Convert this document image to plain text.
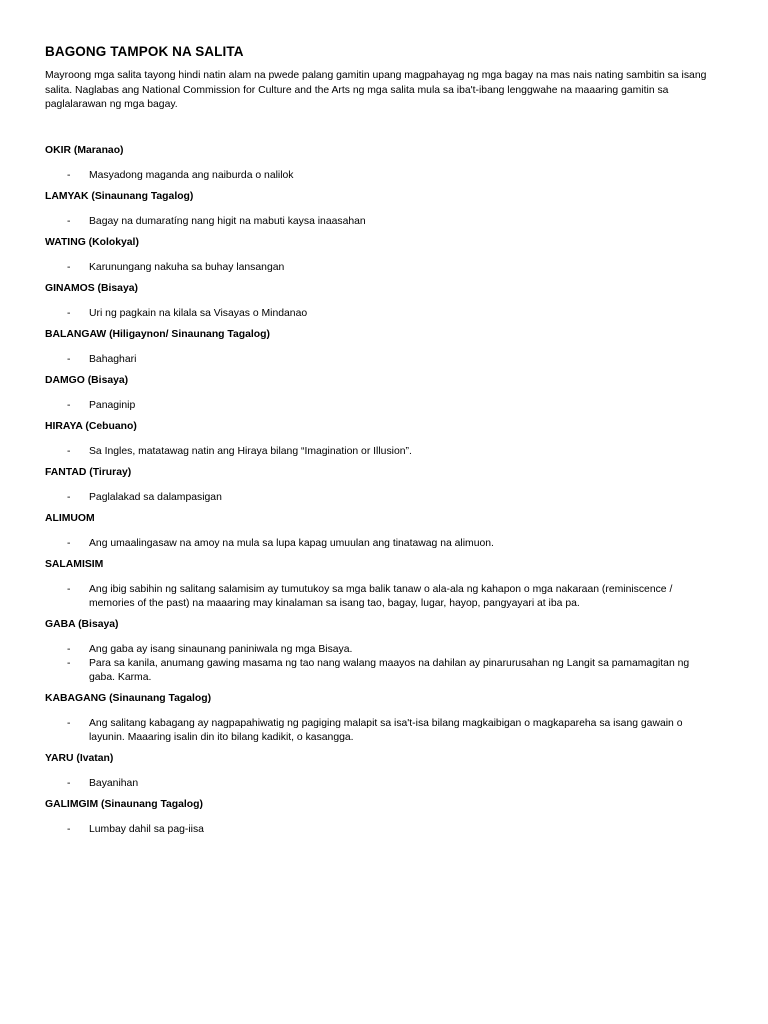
BAGONG TAMPOK NA SALITA

Mayroong mga salita tayong hindi natin alam na pwede palang gamitin upang magpahayag ng mga bagay na mas nais nating sambitin sa isang salita. Naglabas ang National Commission for Culture and the Arts ng mga salita mula sa iba't-ibang lenggwahe na maaaring gamitin sa paglalarawan ng mga bagay.

OKIR (Maranao)
- Masyadong maganda ang naiburda o nalilok
LAMYAK (Sinaunang Tagalog)
- Bagay na dumaratíng nang higit na mabuti kaysa inaasahan
WATING (Kolokyal)
- Karunungang nakuha sa buhay lansangan
GINAMOS (Bisaya)
- Uri ng pagkain na kilala sa Visayas o Mindanao
BALANGAW (Hiligaynon/ Sinaunang Tagalog)
- Bahaghari
DAMGO (Bisaya)
- Panaginip
HIRAYA (Cebuano)
- Sa Ingles, matatawag natin ang Hiraya bilang “Imagination or Illusion”.
FANTAD (Tiruray)
- Paglalakad sa dalampasigan
ALIMUOM
- Ang umaalingasaw na amoy na mula sa lupa kapag umuulan ang tinatawag na alimuon.
SALAMISIM
- Ang ibig sabihin ng salitang salamisim ay tumutukoy sa mga balik tanaw o ala-ala ng kahapon o mga nakaraan (reminiscence / memories of the past) na maaaring may kinalaman sa isang tao, bagay, lugar, hayop, pangyayari at iba pa.
GABA (Bisaya)
- Ang gaba ay isang sinaunang paniniwala ng mga Bisaya.
- Para sa kanila, anumang gawing masama ng tao nang walang maayos na dahilan ay pinarurusahan ng Langit sa pamamagitan ng gaba. Karma.
KABAGANG (Sinaunang Tagalog)
- Ang salitang kabagang ay nagpapahiwatig ng pagiging malapit sa isa't-isa bilang magkaibigan o magkapareha sa isang gawain o layunin. Maaaring isalin din ito bilang kadikit, o kasangga.
YARU (Ivatan)
- Bayanihan
GALIMGIM (Sinaunang Tagalog)
- Lumbay dahil sa pag-iisa
